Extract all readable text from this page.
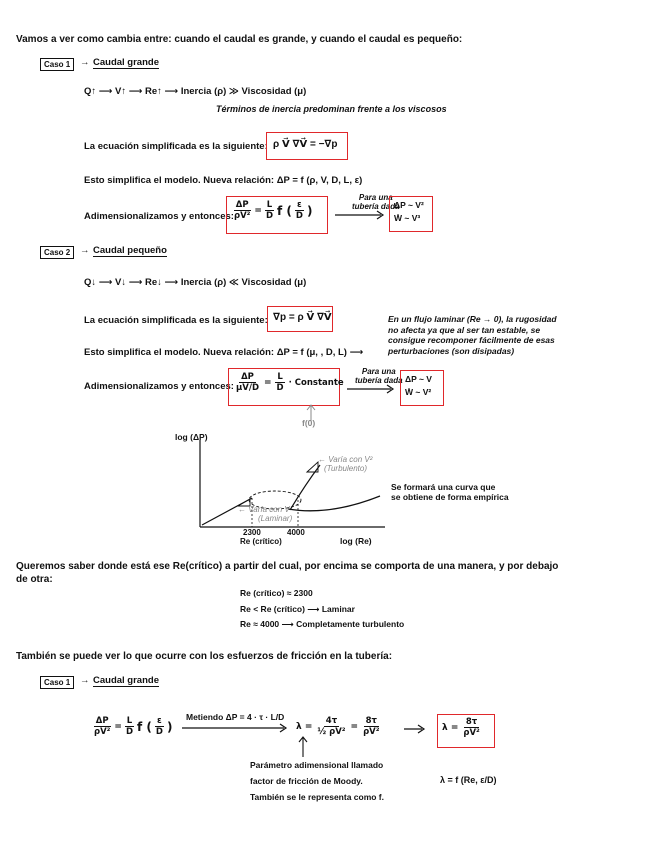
Vamos a ver como cambia entre: cuando el caudal es grande, y cuando el caudal es pequeño:
Caso 1	→ Caudal grande
Q↑ ⟶ V↑ ⟶ Re↑ ⟶ Inercia (ρ) ≫ Viscosidad (μ)
Términos de inercia predominan frente a los viscosos
La ecuación simplificada es la siguiente: ρ V⃗ ∇V⃗ = −∇p
Esto simplifica el modelo. Nueva relación: ΔP = f (ρ, V, D, L, ε)
Adimensionalizamos y entonces:
$\frac{\Delta P}{\text{ρV²}} = \frac{L}{D}$ f ( $\frac{\varepsilon}{D}$ )
Para una
tubería dada
ΔP ~ V²
Ẇ ~ V³
Caso 2	→ Caudal pequeño
Q↓ ⟶ V↓ ⟶ Re↓ ⟶ Inercia (ρ) ≪ Viscosidad (μ)
La ecuación simplificada es la siguiente: ∇p = ρ V⃗ ∇V⃗	En un flujo laminar (Re → 0), la rugosidad
no afecta ya que al ser tan estable, se
consigue recomponer fácilmente de esas
perturbaciones (son disipadas)
Esto simplifica el modelo. Nueva relación: ΔP = f (μ, , D, L) ⟶
Adimensionalizamos y entonces: $\frac{\Delta P}{\mu V/D} = \frac{L}{D}$ · Constante
f(0)
Para una
tubería dada ΔP ~ V
Ẇ ~ V²
log (ΔP)
← Varía con V²
(Turbulento)
← Varía con V
(Laminar)
Se formará una curva que
se obtiene de forma empírica
2300
Re (crítico)
4000
log (Re)
Queremos saber donde está ese Re(crítico) a partir del cual, por encima se comporta de una manera, y por debajo
de otra:
Re (crítico) ≈ 2300
Re < Re (crítico) ⟶ Laminar
Re ≈ 4000 ⟶ Completamente turbulento
También se puede ver lo que ocurre con los esfuerzos de fricción en la tubería:
Caso 1	→ Caudal grande
$\frac{\Delta P}{\text{ρV²}} = \frac{L}{D}$ f ( $\frac{\varepsilon}{D}$ )
Metiendo ΔP = 4 · τ · L/D
$\lambda = \frac{4\tau}{\text{½ ρV²}} = \frac{8\tau}{\text{ρV²}}$	$\lambda = \frac{8\tau}{\text{ρV²}}$
Parámetro adimensional llamado
factor de fricción de Moody.
También se le representa como f.
λ = f (Re, ε/D)
